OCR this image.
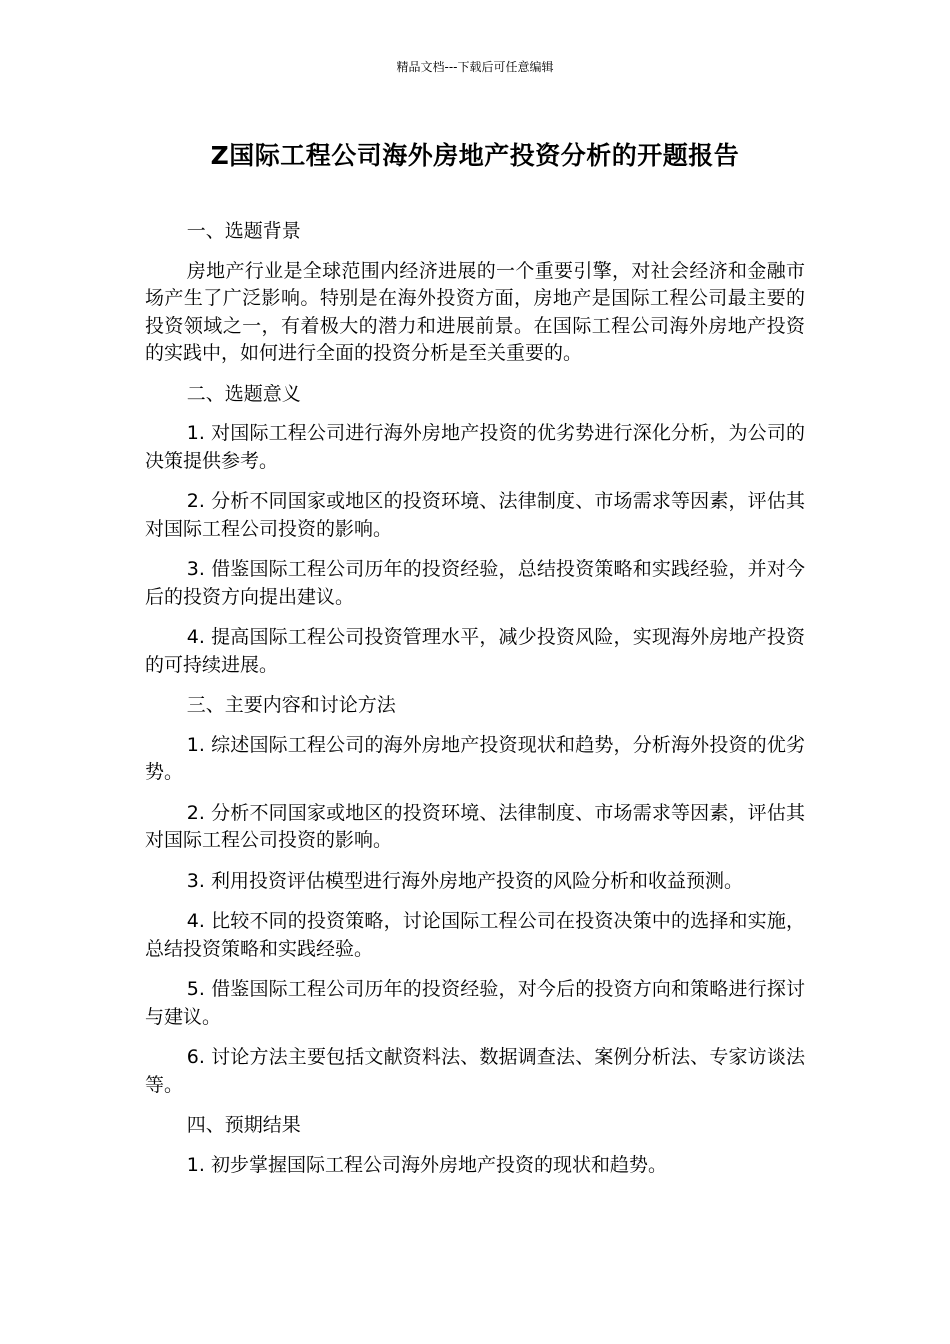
精品文档---下载后可任意编辑
Z国际工程公司海外房地产投资分析的开题报告

一、选题背景

房地产行业是全球范围内经济进展的一个重要引擎，对社会经济和金融市场产生了广泛影响。特别是在海外投资方面，房地产是国际工程公司最主要的投资领域之一，有着极大的潜力和进展前景。在国际工程公司海外房地产投资的实践中，如何进行全面的投资分析是至关重要的。

二、选题意义

1. 对国际工程公司进行海外房地产投资的优劣势进行深化分析，为公司的决策提供参考。

2. 分析不同国家或地区的投资环境、法律制度、市场需求等因素，评估其对国际工程公司投资的影响。

3. 借鉴国际工程公司历年的投资经验，总结投资策略和实践经验，并对今后的投资方向提出建议。

4. 提高国际工程公司投资管理水平，减少投资风险，实现海外房地产投资的可持续进展。

三、主要内容和讨论方法

1. 综述国际工程公司的海外房地产投资现状和趋势，分析海外投资的优劣势。

2. 分析不同国家或地区的投资环境、法律制度、市场需求等因素，评估其对国际工程公司投资的影响。

3. 利用投资评估模型进行海外房地产投资的风险分析和收益预测。

4. 比较不同的投资策略，讨论国际工程公司在投资决策中的选择和实施，总结投资策略和实践经验。

5. 借鉴国际工程公司历年的投资经验，对今后的投资方向和策略进行探讨与建议。

6. 讨论方法主要包括文献资料法、数据调查法、案例分析法、专家访谈法等。

四、预期结果

1. 初步掌握国际工程公司海外房地产投资的现状和趋势。
